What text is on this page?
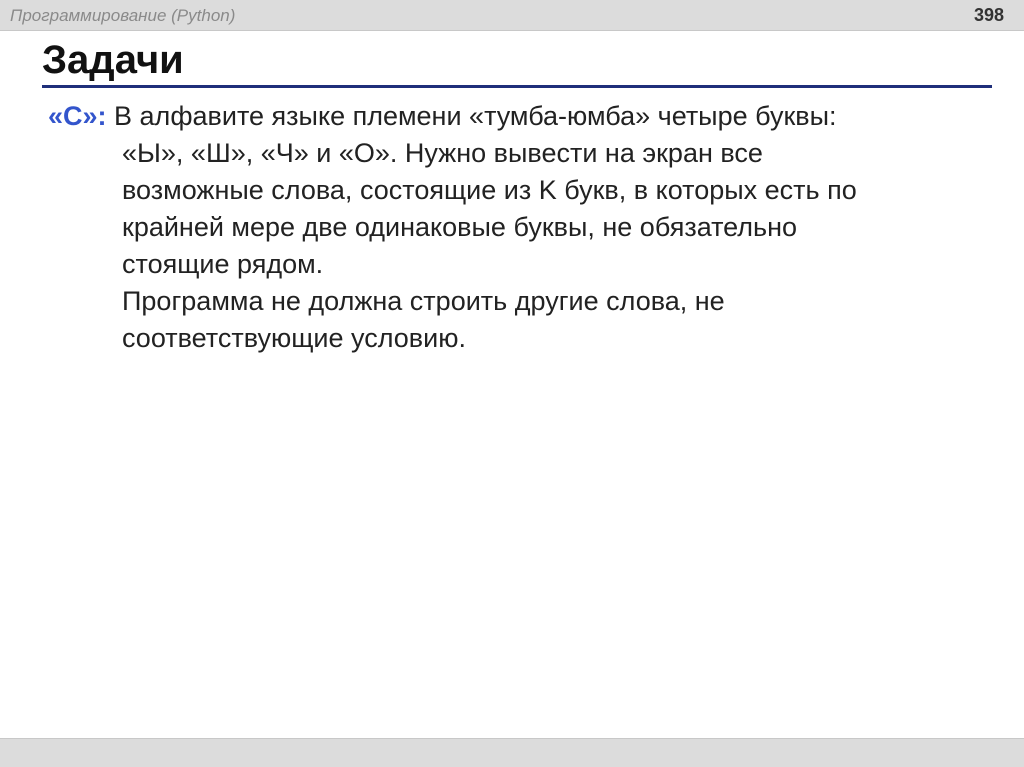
Программирование (Python)	398
Задачи
«C»: В алфавите языке племени «тумба-юмба» четыре буквы:
«Ы», «Ш», «Ч» и «О». Нужно вывести на экран все
возможные слова, состоящие из K букв, в которых есть по
крайней мере две одинаковые буквы, не обязательно
стоящие рядом.
Программа не должна строить другие слова, не
соответствующие условию.
